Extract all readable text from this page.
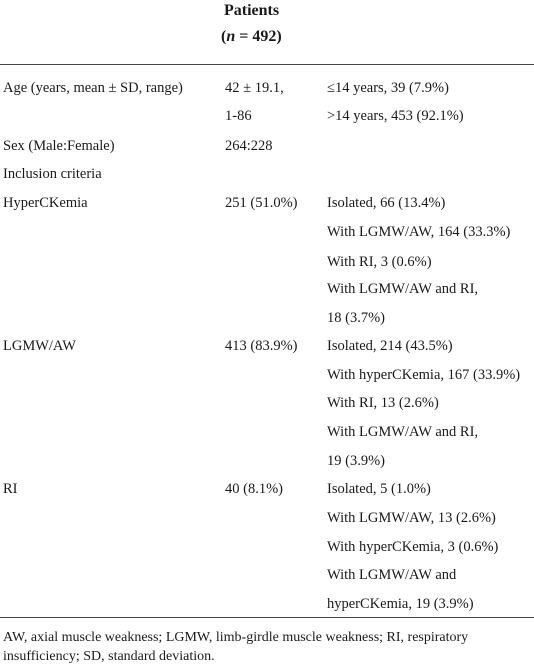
Patients
(n = 492)
Age (years, mean ± SD, range)	42 ± 19.1,	≤14 years, 39 (7.9%)
1-86	>14 years, 453 (92.1%)
Sex (Male:Female)	264:228
Inclusion criteria
HyperCKemia	251 (51.0%) Isolated, 66 (13.4%)
With LGMW/AW, 164 (33.3%)
With RI, 3 (0.6%)
With LGMW/AW and RI,
18 (3.7%)
LGMW/AW	413 (83.9%) Isolated, 214 (43.5%)
With hyperCKemia, 167 (33.9%)
With RI, 13 (2.6%)
With LGMW/AW and RI,
19 (3.9%)
RI	40 (8.1%)	Isolated, 5 (1.0%)
With LGMW/AW, 13 (2.6%)
With hyperCKemia, 3 (0.6%)
With LGMW/AW and
hyperCKemia, 19 (3.9%)
AW, axial muscle weakness; LGMW, limb-girdle muscle weakness; RI, respiratory insufficiency; SD, standard deviation.
